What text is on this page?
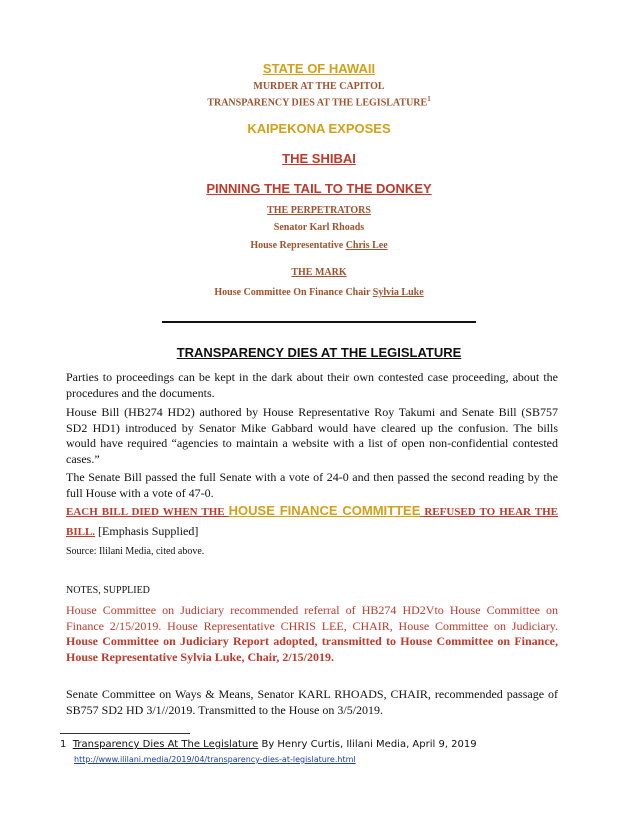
STATE OF HAWAII
MURDER AT THE CAPITOL
TRANSPARENCY DIES AT THE LEGISLATURE$^1$
KAIPEKONA EXPOSES
THE SHIBAI
PINNING THE TAIL TO THE DONKEY
THE PERPETRATORS
Senator Karl Rhoads
House Representative Chris Lee
THE MARK
House Committee On Finance Chair Sylvia Luke
TRANSPARENCY DIES AT THE LEGISLATURE
Parties to proceedings can be kept in the dark about their own contested case proceeding, about the procedures and the documents.
House Bill (HB274 HD2) authored by House Representative Roy Takumi and Senate Bill (SB757 SD2 HD1) introduced by Senator Mike Gabbard would have cleared up the confusion. The bills would have required “agencies to maintain a website with a list of open non-confidential contested cases.”
The Senate Bill passed the full Senate with a vote of 24-0 and then passed the second reading by the full House with a vote of 47-0.
EACH BILL DIED WHEN THE HOUSE FINANCE COMMITTEE REFUSED TO HEAR THE BILL. [Emphasis Supplied]
Source: Ililani Media, cited above.
NOTES, SUPPLIED
House Committee on Judiciary recommended referral of HB274 HD2Vto House Committee on Finance 2/15/2019. House Representative CHRIS LEE, CHAIR, House Committee on Judiciary. House Committee on Judiciary Report adopted, transmitted to House Committee on Finance, House Representative Sylvia Luke, Chair, 2/15/2019.
Senate Committee on Ways & Means, Senator KARL RHOADS, CHAIR, recommended passage of SB757 SD2 HD 3/1//2019. Transmitted to the House on 3/5/2019.
1 Transparency Dies At The Legislature By Henry Curtis, Ililani Media, April 9, 2019
http://www.ililani.media/2019/04/transparency-dies-at-legislature.html
